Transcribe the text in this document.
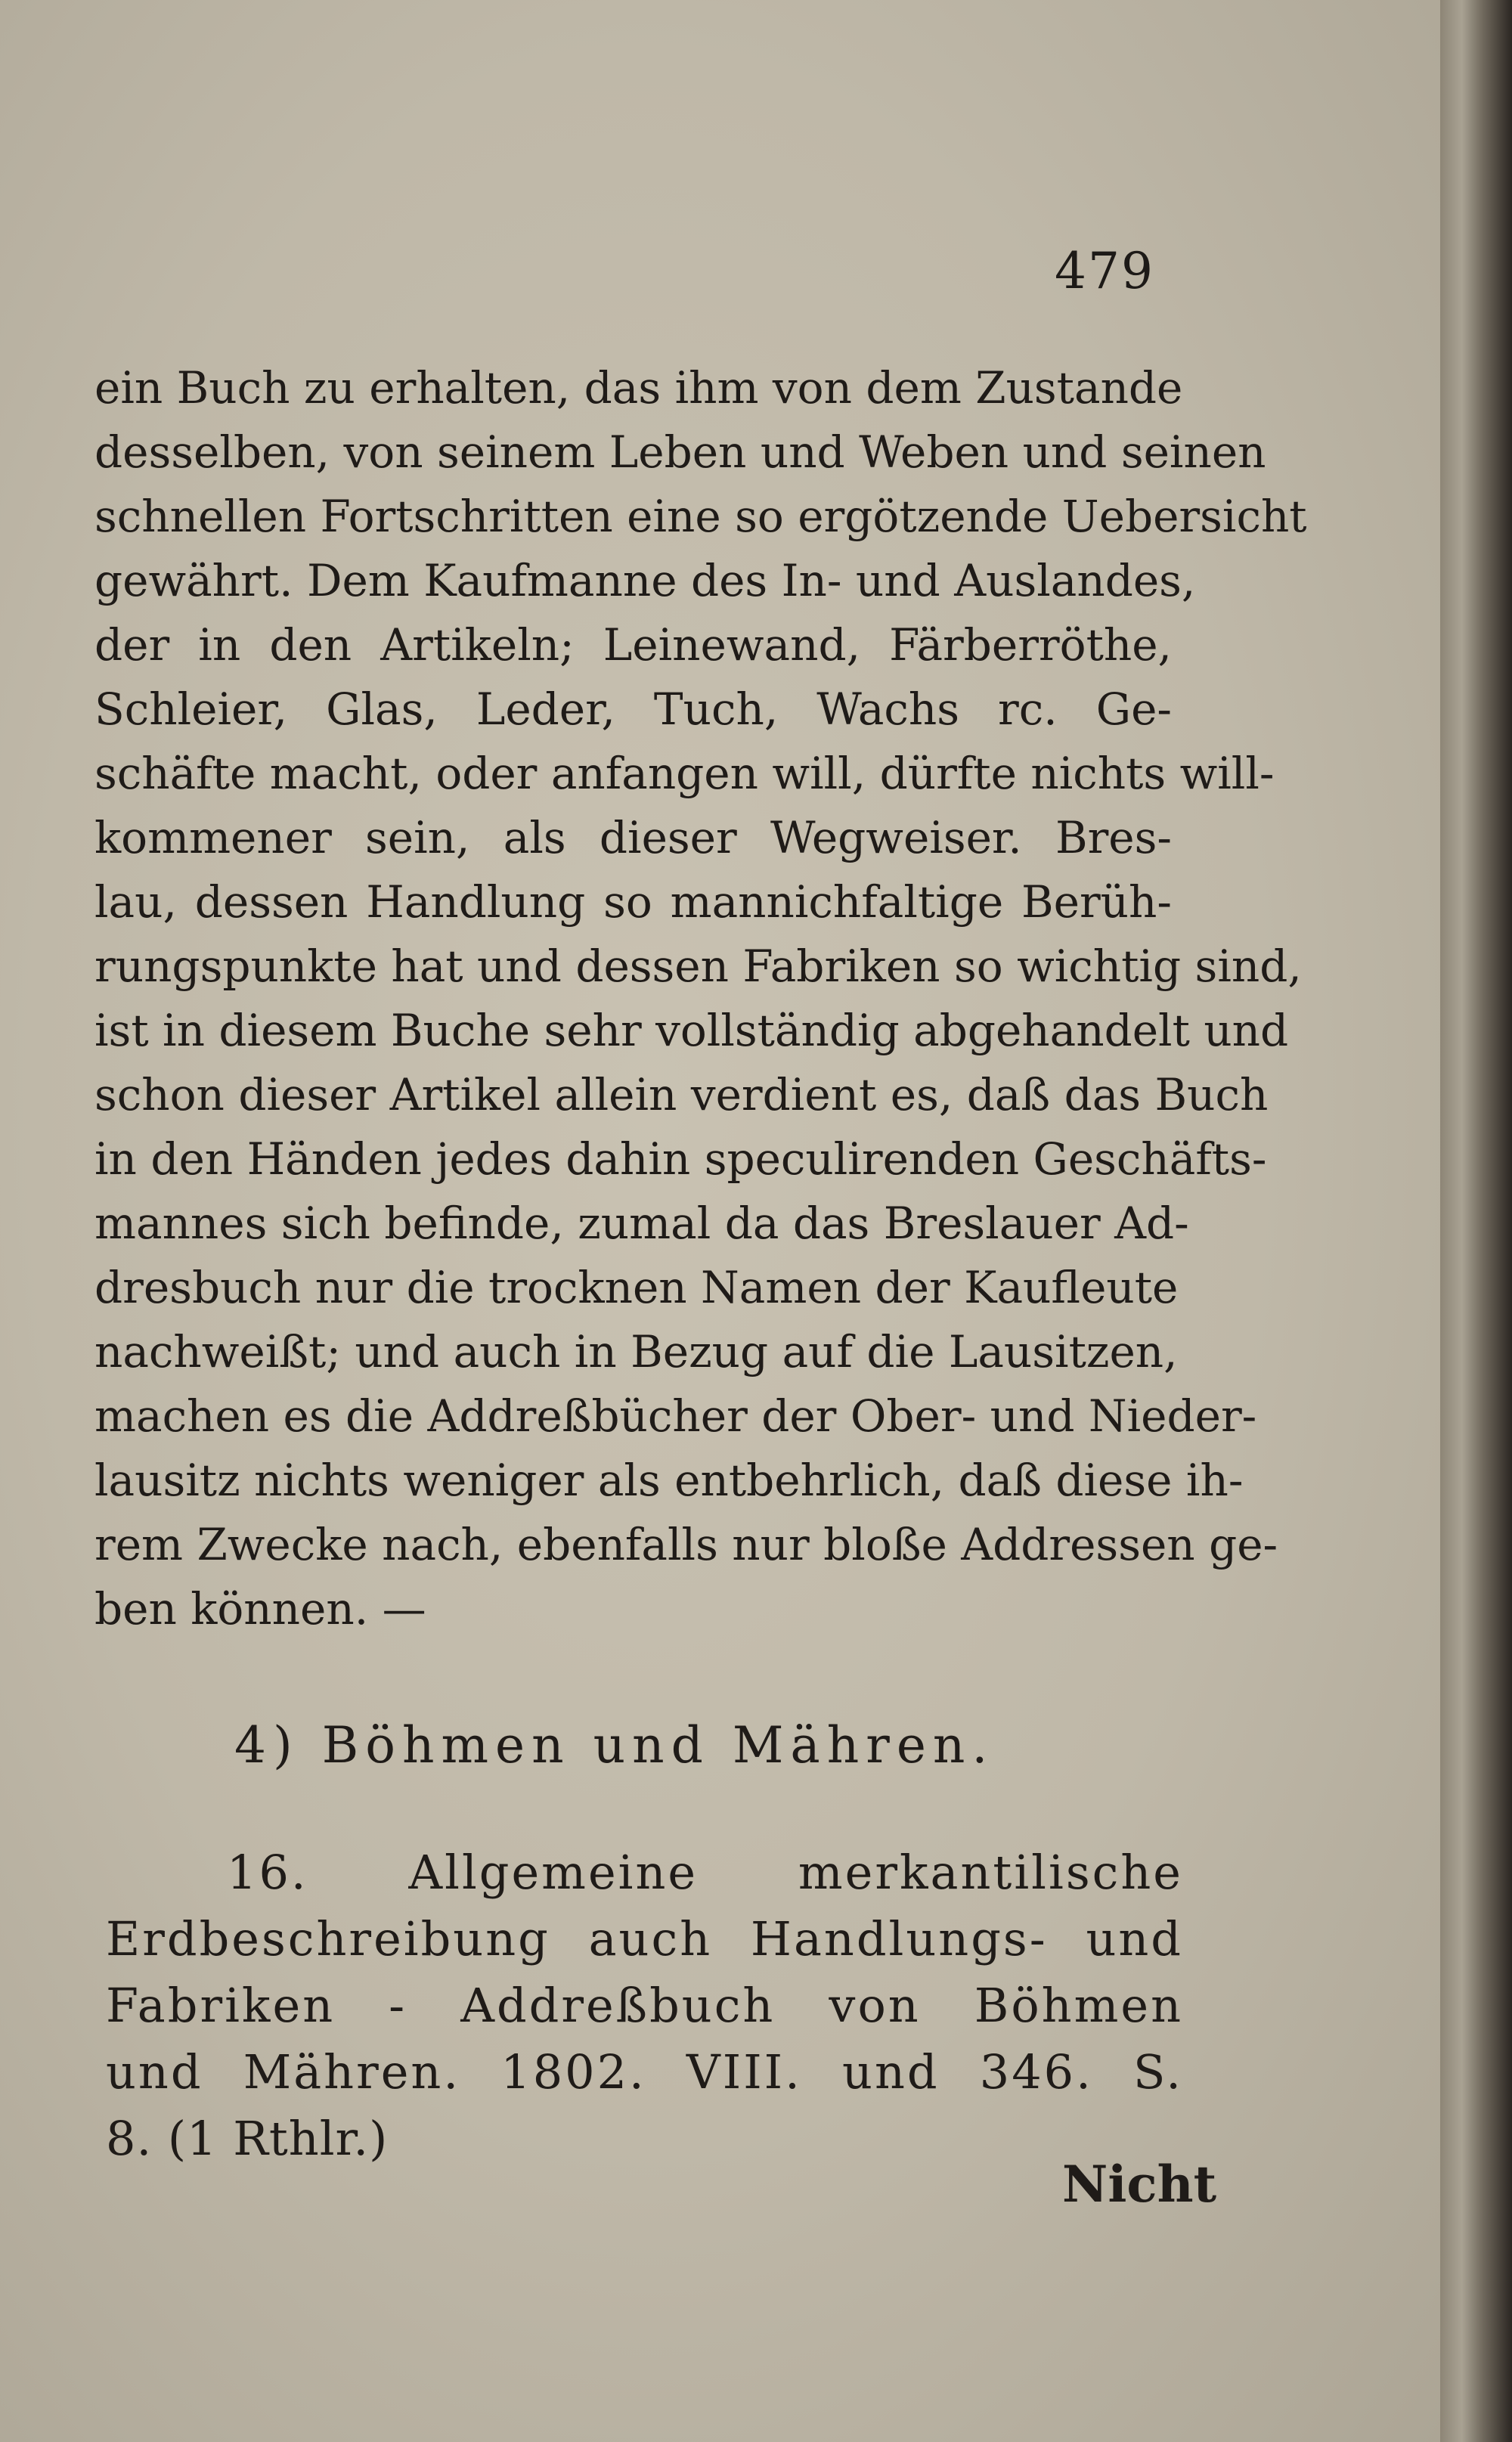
479
ein Buch zu erhalten, das ihm von dem Zustande
desselben, von seinem Leben und Weben und seinen
schnellen Fortschritten eine so ergötzende Uebersicht
gewährt. Dem Kaufmanne des In- und Auslandes,
der in den Artikeln; Leinewand, Färberröthe,
Schleier, Glas, Leder, Tuch, Wachs rc. Ge-
schäfte macht, oder anfangen will, dürfte nichts will-
kommener sein, als dieser Wegweiser. Bres-
lau, dessen Handlung so mannichfaltige Berüh-
rungspunkte hat und dessen Fabriken so wichtig sind,
ist in diesem Buche sehr vollständig abgehandelt und
schon dieser Artikel allein verdient es, daß das Buch
in den Händen jedes dahin speculirenden Geschäfts-
mannes sich befinde, zumal da das Breslauer Ad-
dresbuch nur die trocknen Namen der Kaufleute
nachweißt; und auch in Bezug auf die Lausitzen,
machen es die Addreßbücher der Ober- und Nieder-
lausitz nichts weniger als entbehrlich, daß diese ih-
rem Zwecke nach, ebenfalls nur bloße Addressen ge-
ben können. —
4) Böhmen und Mähren.
16. Allgemeine merkantilische
Erdbeschreibung auch Handlungs- und
Fabriken - Addreßbuch von Böhmen
und Mähren. 1802. VIII. und 346. S.
8. (1 Rthlr.)
Nicht
